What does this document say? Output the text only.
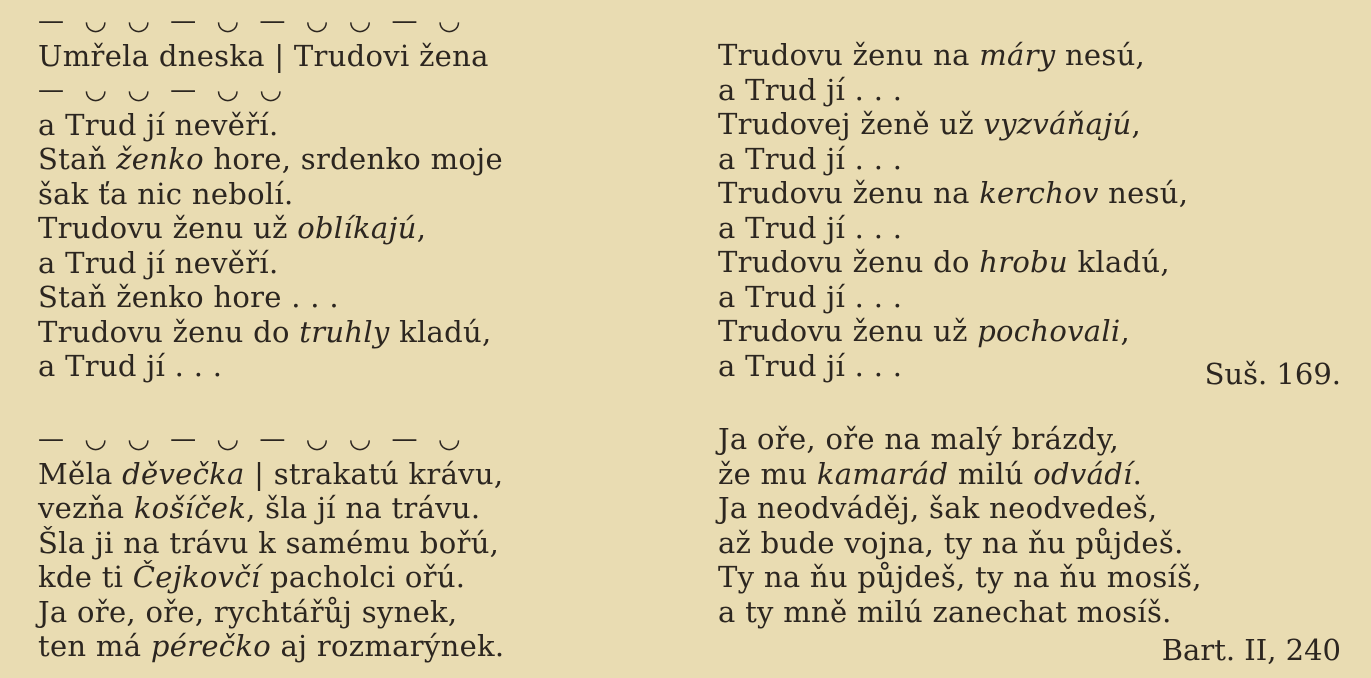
— ◡ ◡ — ◡ — ◡ ◡ — ◡
Umřela dneska | Trudovi žena
— ◡ ◡ — ◡ ◡
a Trud jí nevěří.
Staň ženko hore, srdenko moje
šak ťa nic nebolí.
Trudovu ženu už oblíkajú,
a Trud jí nevěří.
Staň ženko hore . . .
Trudovu ženu do truhly kladú,
a Trud jí . . .
Trudovu ženu na máry nesú,
a Trud jí . . .
Trudovej ženě už vyzváňajú,
a Trud jí . . .
Trudovu ženu na kerchov nesú,
a Trud jí . . .
Trudovu ženu do hrobu kladú,
a Trud jí . . .
Trudovu ženu už pochovali,
a Trud jí . . .	Suš. 169.
— ◡ ◡ — ◡ — ◡ ◡ — ◡
Měla děvečka | strakatú krávu,
vezňa košíček, šla jí na trávu.
Šla ji na trávu k samému bořú,
kde ti Čejkovčí pacholci ořú.
Ja oře, oře, rychtářůj synek,
ten má pérečko aj rozmarýnek.
Ja oře, oře na malý brázdy,
že mu kamarád milú odvádí.
Ja neodváděj, šak neodvedeš,
až bude vojna, ty na ňu půjdeš.
Ty na ňu půjdeš, ty na ňu mosíš,
a ty mně milú zanechat mosíš.
Bart. II, 240
